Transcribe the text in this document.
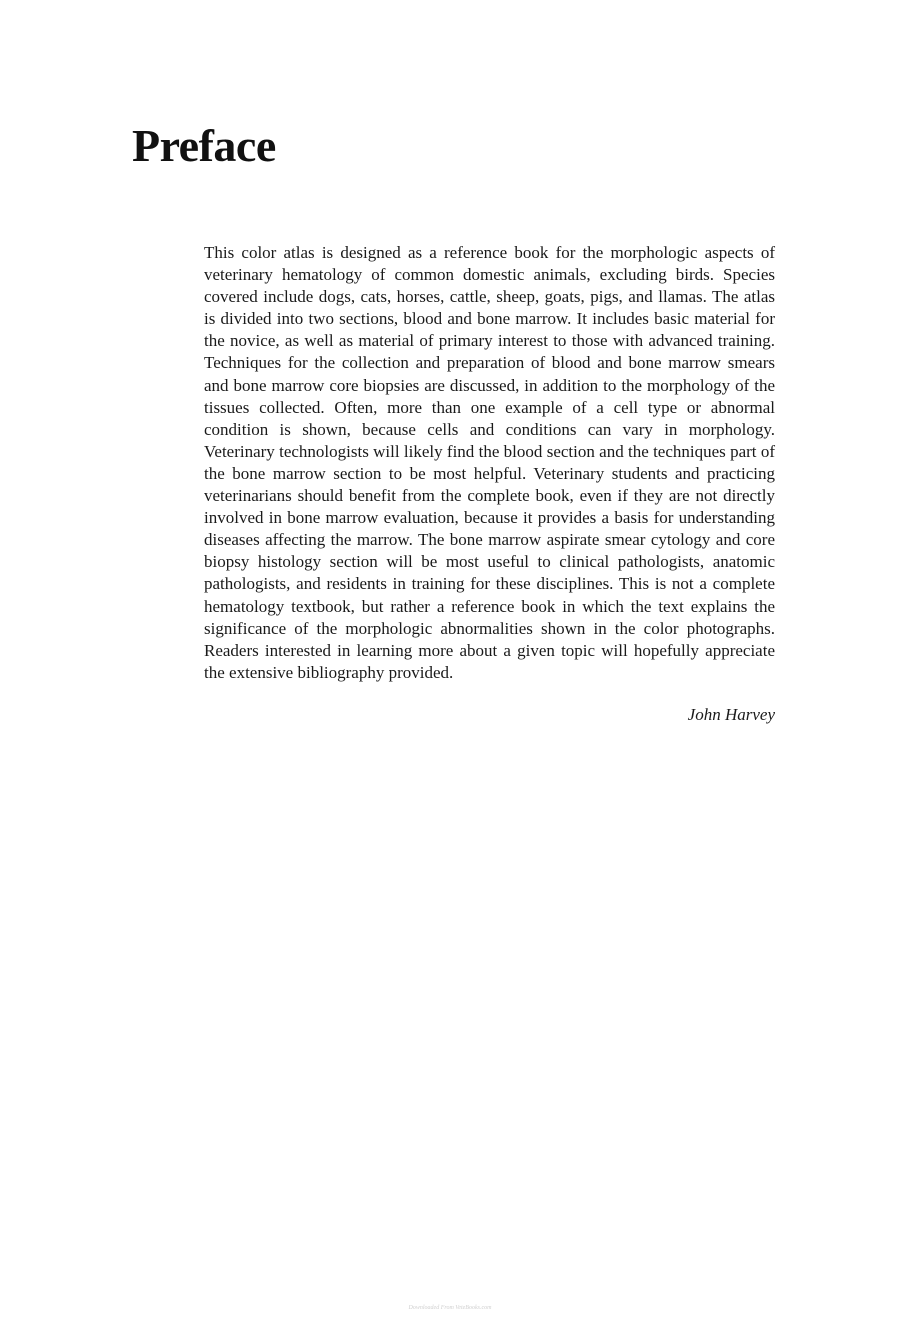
Preface

This color atlas is designed as a reference book for the morphologic aspects of veterinary hematology of common domestic animals, excluding birds. Species covered include dogs, cats, horses, cattle, sheep, goats, pigs, and llamas. The atlas is divided into two sections, blood and bone marrow. It includes basic material for the novice, as well as material of primary interest to those with advanced training. Techniques for the collection and preparation of blood and bone marrow smears and bone marrow core biopsies are discussed, in addition to the morphology of the tissues collected. Often, more than one example of a cell type or abnormal condition is shown, because cells and conditions can vary in morphology. Veterinary technologists will likely find the blood section and the techniques part of the bone marrow section to be most helpful. Veterinary students and practicing veterinarians should benefit from the complete book, even if they are not directly involved in bone marrow evaluation, because it provides a basis for understanding diseases affecting the marrow. The bone marrow aspirate smear cytology and core biopsy histology section will be most useful to clinical pathologists, anatomic pathologists, and residents in training for these disciplines. This is not a complete hematology textbook, but rather a reference book in which the text explains the significance of the morphologic abnormalities shown in the color photographs. Readers interested in learning more about a given topic will hopefully appreciate the extensive bibliography provided.

John Harvey

Downloaded From VeteBooks.com
